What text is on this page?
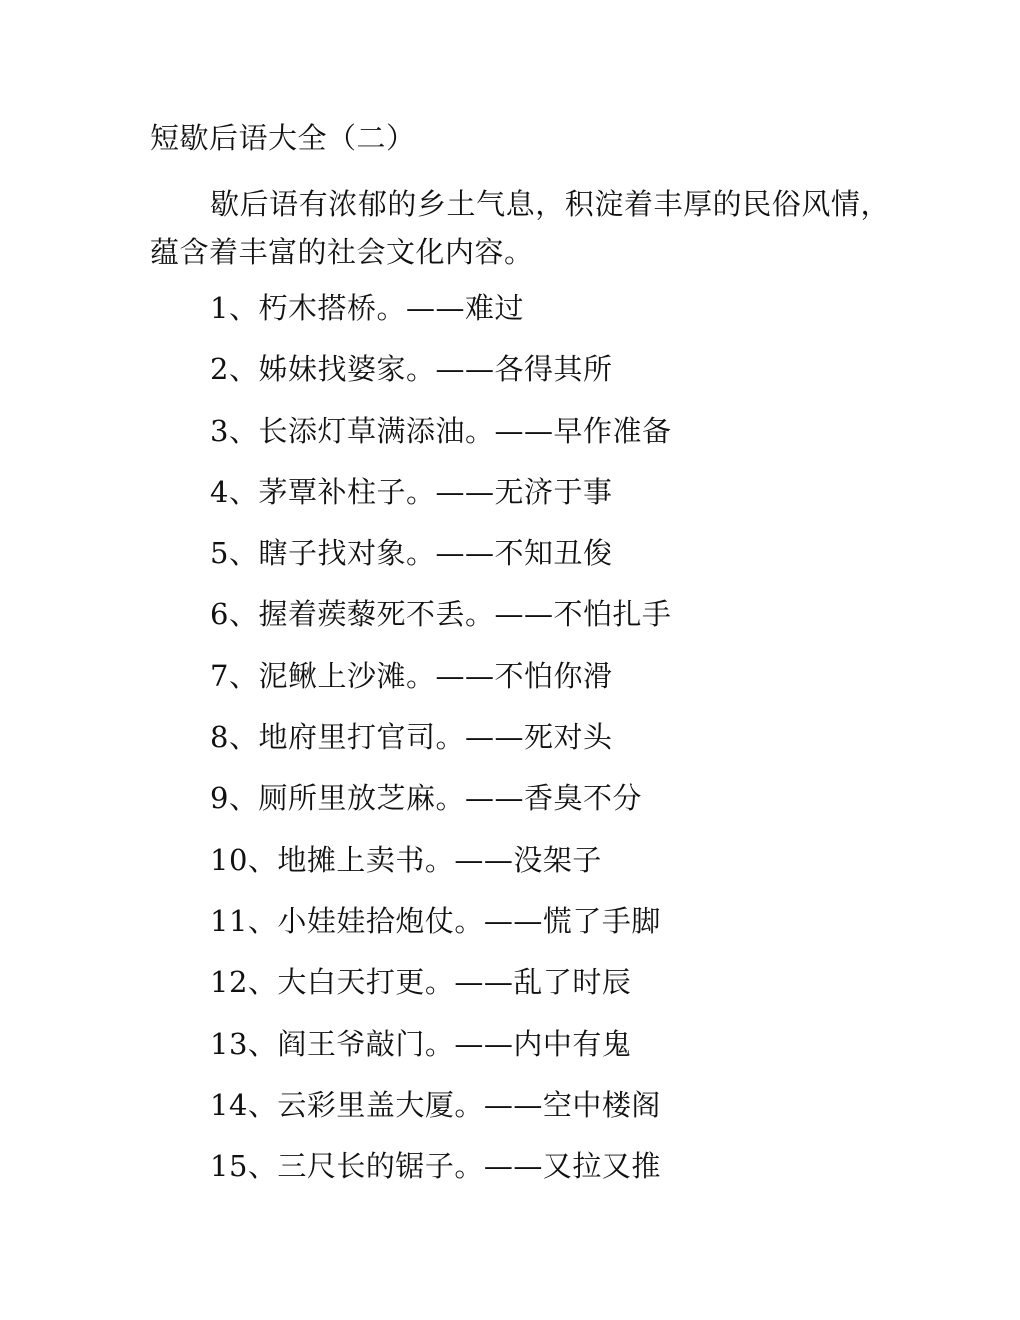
短歇后语大全（二）
歇后语有浓郁的乡土气息，积淀着丰厚的民俗风情，蕴含着丰富的社会文化内容。
1、朽木搭桥。——难过
2、姊妹找婆家。——各得其所
3、长添灯草满添油。——早作准备
4、茅覃补柱子。——无济于事
5、瞎子找对象。——不知丑俊
6、握着蒺藜死不丢。——不怕扎手
7、泥鳅上沙滩。——不怕你滑
8、地府里打官司。——死对头
9、厕所里放芝麻。——香臭不分
10、地摊上卖书。——没架子
11、小娃娃拾炮仗。——慌了手脚
12、大白天打更。——乱了时辰
13、阎王爷敲门。——内中有鬼
14、云彩里盖大厦。——空中楼阁
15、三尺长的锯子。——又拉又推
